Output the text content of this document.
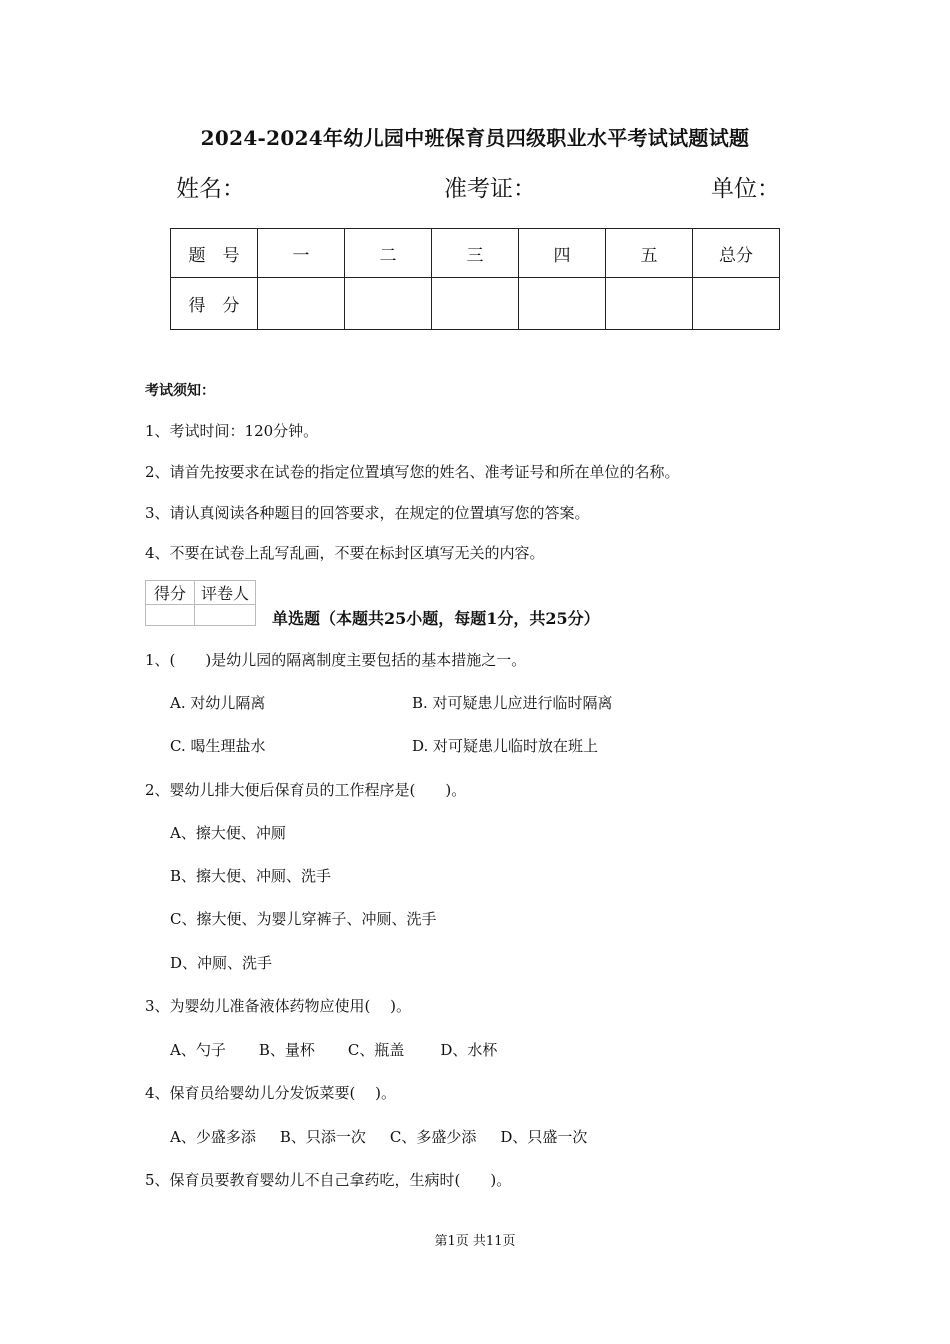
2024-2024年幼儿园中班保育员四级职业水平考试试题试题
姓名：	准考证：	单位：
题　号	一	二	三	四	五	总分
得　分						
考试须知：
1、考试时间：120分钟。
2、请首先按要求在试卷的指定位置填写您的姓名、准考证号和所在单位的名称。
3、请认真阅读各种题目的回答要求，在规定的位置填写您的答案。
4、不要在试卷上乱写乱画，不要在标封区填写无关的内容。
得分	评卷人

单选题（本题共25小题，每题1分，共25分）
1、(　　)是幼儿园的隔离制度主要包括的基本措施之一。
A. 对幼儿隔离	B. 对可疑患儿应进行临时隔离
C. 喝生理盐水	D. 对可疑患儿临时放在班上
2、婴幼儿排大便后保育员的工作程序是(　　)。
A、擦大便、冲厕
B、擦大便、冲厕、洗手
C、擦大便、为婴儿穿裤子、冲厕、洗手
D、冲厕、洗手
3、为婴幼儿准备液体药物应使用(　 )。
A、勺子 B、量杯 C、瓶盖 D、水杯
4、保育员给婴幼儿分发饭菜要(　 )。
A、少盛多添 B、只添一次 C、多盛少添 D、只盛一次
5、保育员要教育婴幼儿不自己拿药吃，生病时(　　)。
第1页 共11页
